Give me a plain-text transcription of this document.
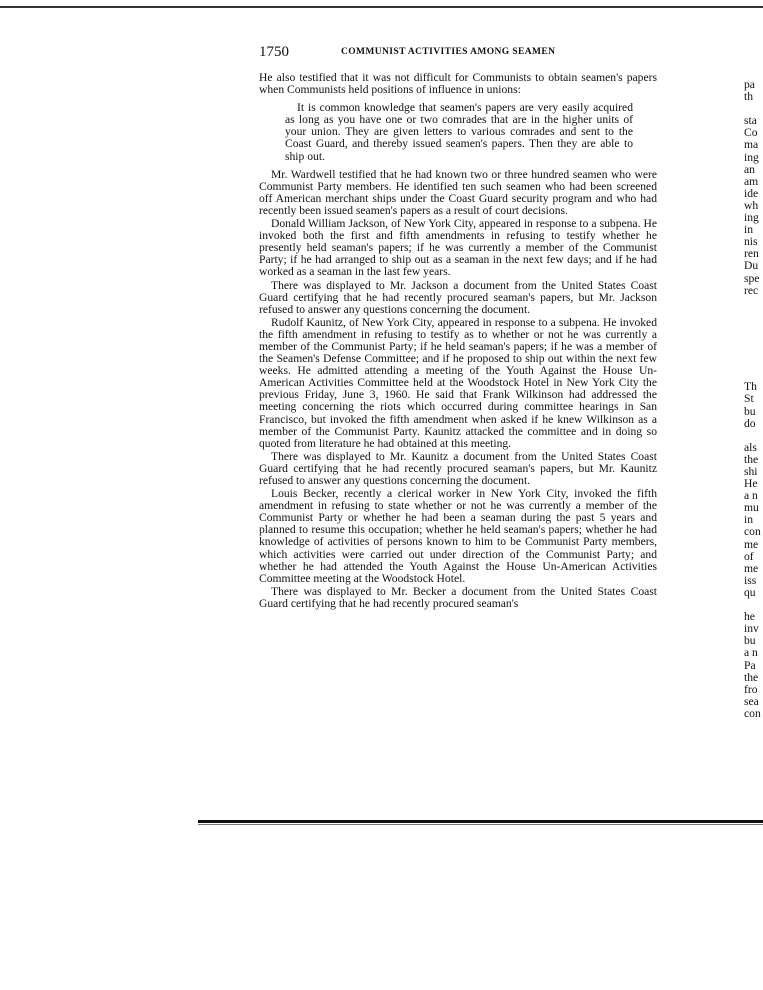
1750	COMMUNIST ACTIVITIES AMONG SEAMEN

He also testified that it was not difficult for Communists to obtain seamen's papers when Communists held positions of influence in unions:

It is common knowledge that seamen's papers are very easily acquired as long as you have one or two comrades that are in the higher units of your union. They are given letters to various comrades and sent to the Coast Guard, and thereby issued seamen's papers. Then they are able to ship out.

Mr. Wardwell testified that he had known two or three hundred seamen who were Communist Party members. He identified ten such seamen who had been screened off American merchant ships under the Coast Guard security program and who had recently been issued seamen's papers as a result of court decisions.

Donald William Jackson, of New York City, appeared in response to a subpena. He invoked both the first and fifth amendments in refusing to testify whether he presently held seaman's papers; if he was currently a member of the Communist Party; if he had arranged to ship out as a seaman in the next few days; and if he had worked as a seaman in the last few years.

There was displayed to Mr. Jackson a document from the United States Coast Guard certifying that he had recently procured seaman's papers, but Mr. Jackson refused to answer any questions concerning the document.

Rudolf Kaunitz, of New York City, appeared in response to a subpena. He invoked the fifth amendment in refusing to testify as to whether or not he was currently a member of the Communist Party; if he held seaman's papers; if he was a member of the Seamen's Defense Committee; and if he proposed to ship out within the next few weeks. He admitted attending a meeting of the Youth Against the House Un-American Activities Committee held at the Woodstock Hotel in New York City the previous Friday, June 3, 1960. He said that Frank Wilkinson had addressed the meeting concerning the riots which occurred during committee hearings in San Francisco, but invoked the fifth amendment when asked if he knew Wilkinson as a member of the Communist Party. Kaunitz attacked the committee and in doing so quoted from literature he had obtained at this meeting.

There was displayed to Mr. Kaunitz a document from the United States Coast Guard certifying that he had recently procured seaman's papers, but Mr. Kaunitz refused to answer any questions concerning the document.

Louis Becker, recently a clerical worker in New York City, invoked the fifth amendment in refusing to state whether or not he was currently a member of the Communist Party or whether he had been a seaman during the past 5 years and planned to resume this occupation; whether he held seaman's papers; whether he had knowledge of activities of persons known to him to be Communist Party members, which activities were carried out under direction of the Communist Party; and whether he had attended the Youth Against the House Un-American Activities Committee meeting at the Woodstock Hotel.

There was displayed to Mr. Becker a document from the United States Coast Guard certifying that he had recently procured seaman's

pa
th
sta
Co
ma
ing
an
am
ide
wh
ing
in
nis
ren
Du
spe
rec
Th
St
bu
do
als
the
shi
He
a n
mu
in
con
me
of
me
iss
qu
he
inv
bu
a n
Pa
the
fro
sea
con
